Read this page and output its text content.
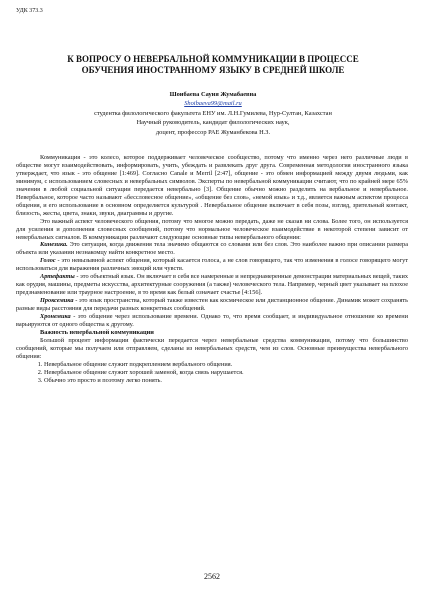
УДК 373.3
К ВОПРОСУ О НЕВЕРБАЛЬНОЙ КОММУНИКАЦИИ В ПРОЦЕССЕ ОБУЧЕНИЯ ИНОСТРАННОМУ ЯЗЫКУ В СРЕДНЕЙ ШКОЛЕ
Шоибаева Сауия Жумабаевна
Shoibaeva99@mail.ru
студентка филологического факультета ЕНУ им. Л.Н.Гумилева, Нур-Султан, Казахстан
Научный руководитель, кандидат филологических наук,
доцент, профессор РАЕ Жуманбекова Н.З.

Коммуникация - это колесо, которое поддерживает человеческое сообщество, потому что именно через него различные люди в обществе могут взаимодействовать, информировать, учить, убеждать и развлекать друг друга. Современная методология иностранного языка утверждает, что язык - это общение [1:469]. Согласно Canale и Merril [2:47], общение - это обмен информацией между двумя людьми, как минимум, с использованием словесных и невербальных символов. Эксперты по невербальной коммуникации считают, что по крайней мере 65% значения в любой социальной ситуации передается невербально [3]. Общение обычно можно разделить на вербальное и невербальное. Невербальное, которое часто называют «бессловесное общение», «общение без слов», «немой язык» и т.д., является важным аспектом процесса общения, и его использование в основном определяется культурой . Невербальное общение включает в себя позы, взгляд, зрительный контакт, близость, жесты, цвета, знаки, звуки, диаграммы и другие.

Это важный аспект человеческого общения, потому что многое можно передать, даже не сказав ни слова. Более того, он используется для усиления и дополнения словесных сообщений, потому что нормальное человеческое взаимодействие в некоторой степени зависит от невербальных сигналов. В коммуникации различают следующие основные типы невербального общения:

Кинезика. Это ситуация, когда движения тела значимо общаются со словами или без слов. Это наиболее важно при описании размера объекта или указании незнакомцу найти конкретное место.

Голос - это невызывной аспект общения, который касается голоса, а не слов говорящего, так что изменения в голосе говорящего могут использоваться для выражения различных эмоций или чувств.

Артефакты - это объектный язык. Он включает в себя все намеренные и непреднамеренные демонстрации материальных вещей, таких как орудия, машины, предметы искусства, архитектурные сооружения (а также) человеческого тела. Например, черный цвет указывает на плохое предзнаменование или траурное настроение, в то время как белый означает счастье [4:156].

Проксемика - это язык пространства, который также известен как космическое или дистанционное общение. Динамик может сохранять разные виды расстояния для передачи разных конкретных сообщений.

Хронемика - это общение через использование времени. Однако то, что время сообщает, и индивидуальное отношение ко времени варьируются от одного общества к другому.

Важность невербальной коммуникации

Большой процент информации фактически передается через невербальные средства коммуникации, потому что большинство сообщений, которые мы получаем или отправляем, сделаны из невербальных средств, чем из слов. Основные преимущества невербального общения:

1. Невербальное общение служит подкреплением вербального общения.
2. Невербальное общение служит хорошей заменой, когда связь нарушается.
3. Обычно это просто и поэтому легко понять.
2562
